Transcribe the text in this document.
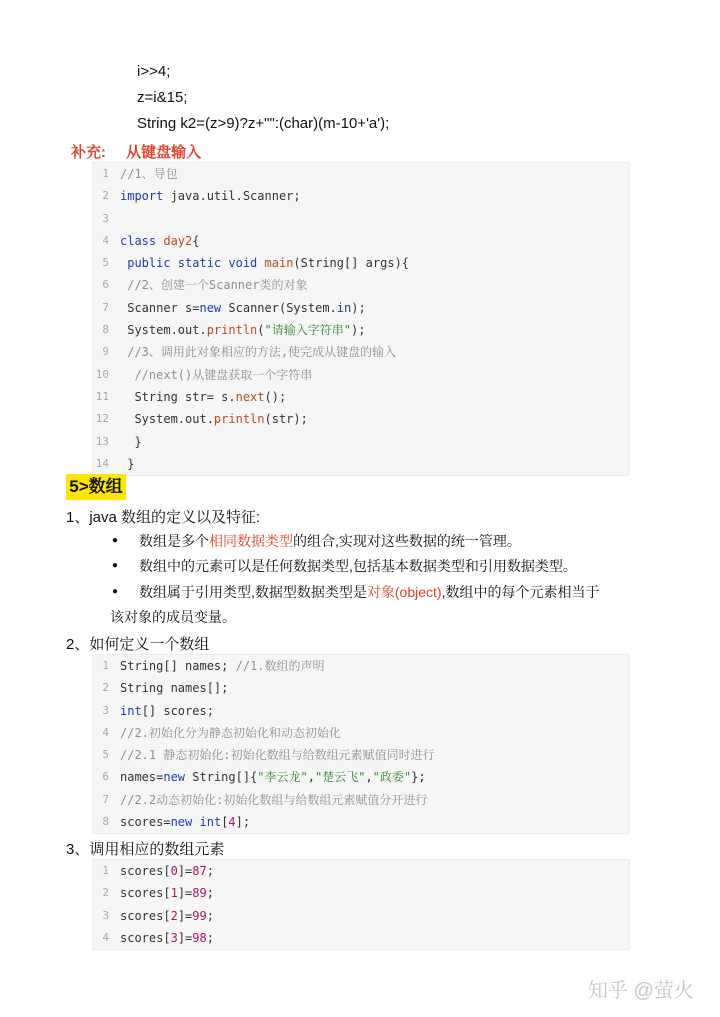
i>>4;
z=i&15;
String k2=(z>9)?z+"":(char)(m-10+'a');
补充: 从键盘输入
1 //1、导包
2 import java.util.Scanner;
3
4 class day2{
5	public static void main(String[] args){
6	//2、创建一个Scanner类的对象
7 Scanner s=new Scanner(System.in);
8 System.out.println("请输入字符串");
9	//3、调用此对象相应的方法,使完成从键盘的输入
10	//next()从键盘获取一个字符串
11 String str= s.next();
12 System.out.println(str);
13 }
14 }
5>数组
1、java 数组的定义以及特征:
● 数组是多个相同数据类型的组合,实现对这些数据的统一管理。
● 数组中的元素可以是任何数据类型,包括基本数据类型和引用数据类型。
● 数组属于引用类型,数据型数据类型是对象(object),数组中的每个元素相当于
该对象的成员变量。
2、如何定义一个数组
1 String[] names; //1.数组的声明
2 String names[];
3 int[] scores;
4 //2.初始化分为静态初始化和动态初始化
5 //2.1 静态初始化:初始化数组与给数组元素赋值同时进行
6 names=new String[]{"李云龙","楚云飞","政委"};
7 //2.2动态初始化:初始化数组与给数组元素赋值分开进行
8 scores=new int[4];
3、调用相应的数组元素
1 scores[0]=87;
2 scores[1]=89;
3 scores[2]=99;
4 scores[3]=98;
知乎 @萤火
